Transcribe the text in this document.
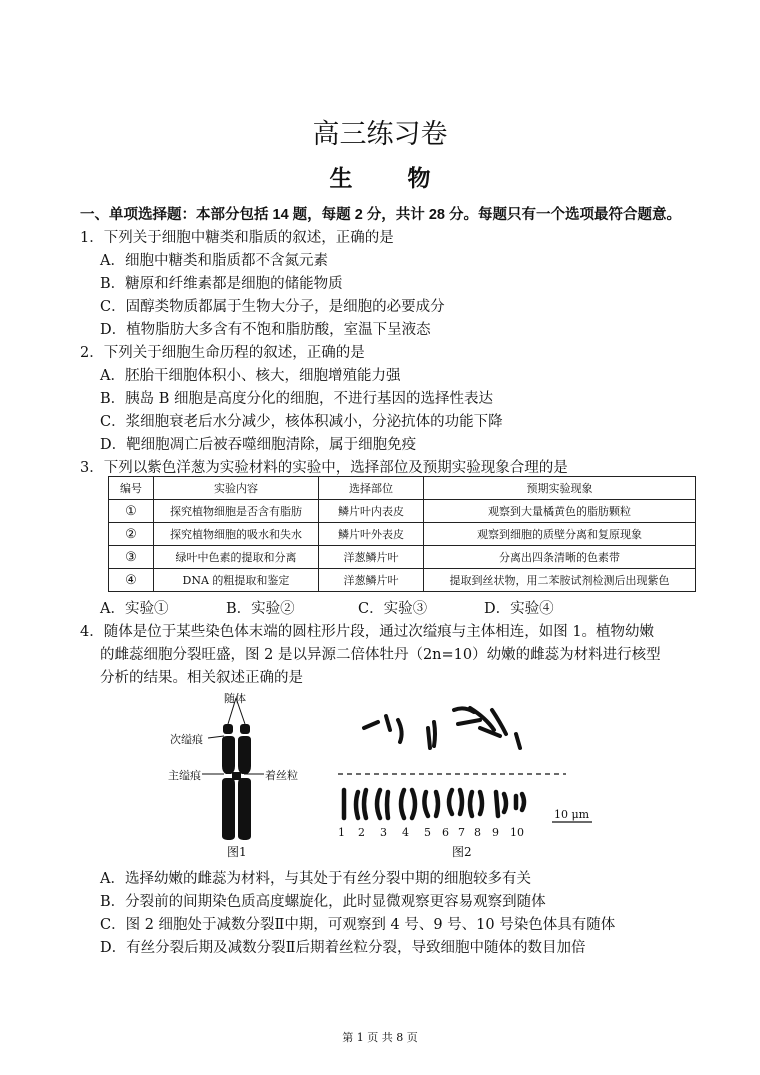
高三练习卷
生　物
一、单项选择题：本部分包括 14 题，每题 2 分，共计 28 分。每题只有一个选项最符合题意。
1．下列关于细胞中糖类和脂质的叙述，正确的是
A．细胞中糖类和脂质都不含氮元素
B．糖原和纤维素都是细胞的储能物质
C．固醇类物质都属于生物大分子，是细胞的必要成分
D．植物脂肪大多含有不饱和脂肪酸，室温下呈液态
2．下列关于细胞生命历程的叙述，正确的是
A．胚胎干细胞体积小、核大，细胞增殖能力强
B．胰岛 B 细胞是高度分化的细胞，不进行基因的选择性表达
C．浆细胞衰老后水分减少，核体积减小，分泌抗体的功能下降
D．靶细胞凋亡后被吞噬细胞清除，属于细胞免疫
3．下列以紫色洋葱为实验材料的实验中，选择部位及预期实验现象合理的是
编号	实验内容	选择部位	预期实验现象
①	探究植物细胞是否含有脂肪	鳞片叶内表皮	观察到大量橘黄色的脂肪颗粒
②	探究植物细胞的吸水和失水	鳞片叶外表皮	观察到细胞的质壁分离和复原现象
③	绿叶中色素的提取和分离	洋葱鳞片叶	分离出四条清晰的色素带
④	DNA 的粗提取和鉴定	洋葱鳞片叶	提取到丝状物，用二苯胺试剂检测后出现紫色
A．实验①	B．实验②	C．实验③	D．实验④
4．随体是位于某些染色体末端的圆柱形片段，通过次缢痕与主体相连，如图 1。植物幼嫩
的雌蕊细胞分裂旺盛，图 2 是以异源二倍体牡丹（2n=10）幼嫩的雌蕊为材料进行核型
分析的结果。相关叙述正确的是
随体
次缢痕
主缢痕	着丝粒
图1
1 2 3 4 5 6 7 8 9 10
10 μm
图2
A．选择幼嫩的雌蕊为材料，与其处于有丝分裂中期的细胞较多有关
B．分裂前的间期染色质高度螺旋化，此时显微观察更容易观察到随体
C．图 2 细胞处于减数分裂Ⅱ中期，可观察到 4 号、9 号、10 号染色体具有随体
D．有丝分裂后期及减数分裂Ⅱ后期着丝粒分裂，导致细胞中随体的数目加倍
第 1 页 共 8 页
